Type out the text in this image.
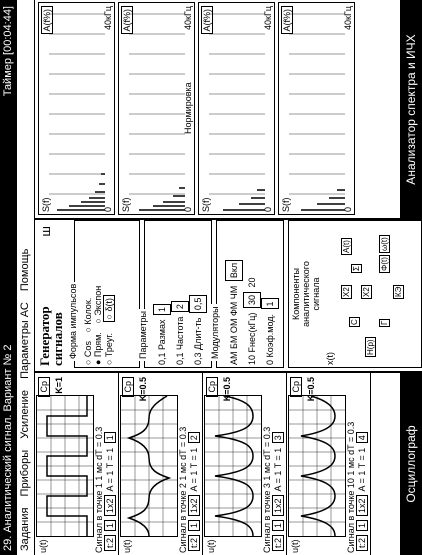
29. Аналитический сигнал. Вариант № 2
Таймер [00:04:44]
Задания Приборы Усиление Параметры АС Помощь
u(t)
Ср K=1
Сигнал в точке 1 1 мс dT = 0.3
t:211x2 A = 1 T = 1 1
u(t)
Ср K=0.5
Сигнал в точке 2 1 мс dT = 0.3
t:211x2 A = 1 T = 1 2
u(t)
Ср K=0.5
Сигнал в точке 3 1 мс dT = 0.3
t:211x2 A = 1 T = 1 3
u(t)
Ср K=0.5
Сигнал в точке 10 1 мс dT = 0.3
t:211x2 A = 1 T = 1 4	Осциллограф
Генератор
сигналов
ш
Форма импульсов
○ Cos ○ Колок.
● Прям. ○ Экспон
○ Треуг. ○ δ(t)
Параметры	0,1 Размах 1
0,1 Частота 2
0,3 Длит-ть 0,5
Модуляторы	АМ БМ ОМ ФМ ЧМ Вкл
10 Fнес(кГц) 30 20
0 Коэф.мод. 1	Компоненты
аналитического
сигнала
x(t)
H(p)
C	Г
X2 X2
Σ
A(t)
Φ(t)
ω(t)
КЭ
S(f)
A(f%)
0
40кГц
S(f)
A(f%)
0
Нормировка
40кГц
S(f)
A(f%)
0
40кГц
S(f)
A(f%)
0
40кГц
Анализатор спектра и ИЧХ
